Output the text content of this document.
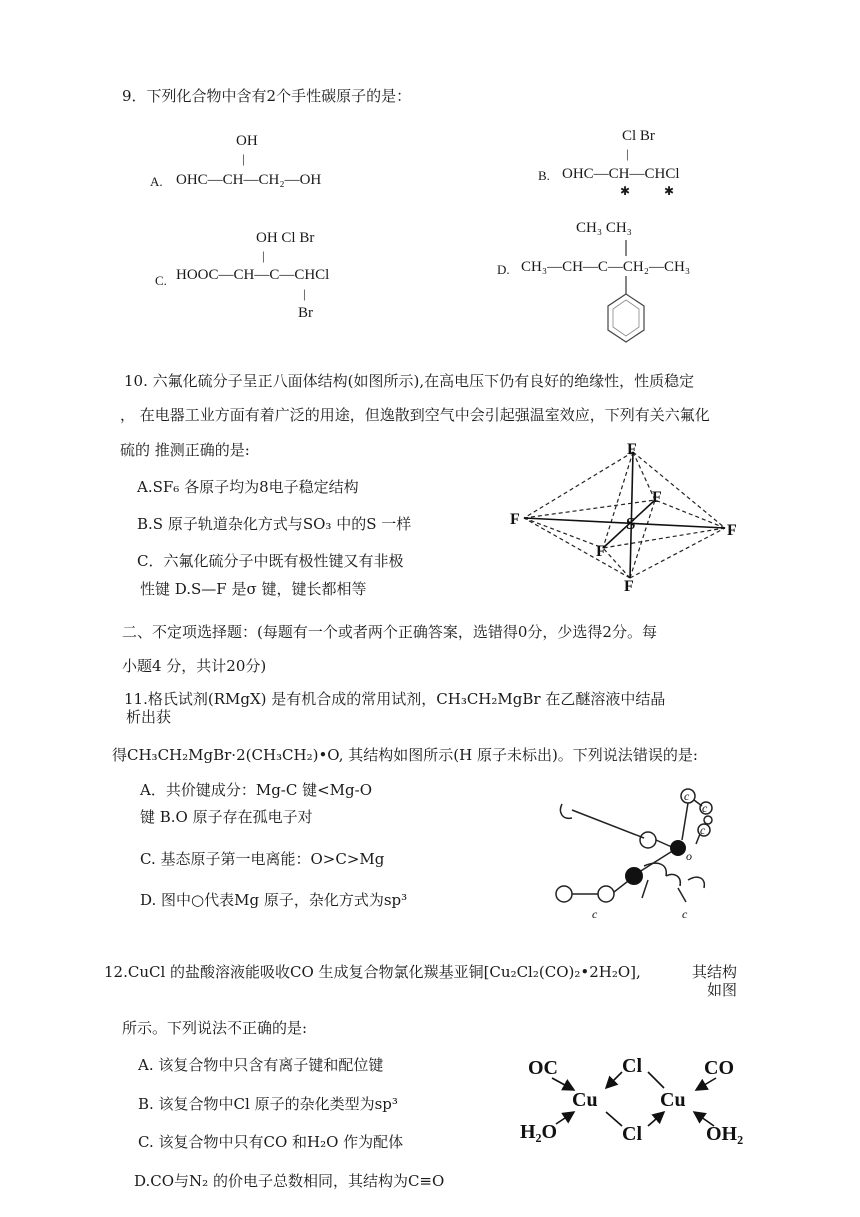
9．下列化合物中含有2个手性碳原子的是：
OH
|
A. OHC—CH—CH₂—OH
Cl Br
|
B. OHC—CH—CHCl
✱	✱
OH Cl Br
|
C. HOOC—CH—C—CHCl
|
Br
CH₃ CH₃
D. CH₃—CH—C—CH₂—CH₃
10. 六氟化硫分子呈正八面体结构(如图所示),在高电压下仍有良好的绝缘性，性质稳定
， 在电器工业方面有着广泛的用途，但逸散到空气中会引起强温室效应，下列有关六氟化
硫的 推测正确的是:
A.SF₆ 各原子均为8电子稳定结构
B.S 原子轨道杂化方式与SO₃ 中的S 一样
C．六氟化硫分子中既有极性键又有非极
性键 D.S—F 是σ 键，键长都相等
F
F
F
F
F
F
S
二、不定项选择题：(每题有一个或者两个正确答案，选错得0分，少选得2分。每
小题4 分，共计20分)
11.格氏试剂(RMgX) 是有机合成的常用试剂，CH₃CH₂MgBr 在乙醚溶液中结晶
析出获
得CH₃CH₂MgBr·2(CH₃CH₂)•O, 其结构如图所示(H 原子未标出)。下列说法错误的是:
A．共价键成分：Mg-C 键<Mg-O
键 B.O 原子存在孤电子对
C. 基态原子第一电离能：O>C>Mg
D. 图中○代表Mg 原子，杂化方式为sp³
c
c
c
o
c	c
12.CuCl 的盐酸溶液能吸收CO 生成复合物氯化羰基亚铜[Cu₂Cl₂(CO)₂•2H₂O],	其结构
如图
所示。下列说法不正确的是:
A. 该复合物中只含有离子键和配位键
B. 该复合物中Cl 原子的杂化类型为sp³
C. 该复合物中只有CO 和H₂O 作为配体
D.CO与N₂ 的价电子总数相同，其结构为C≡O
OC	Cl	CO
Cu	Cu
H₂O	Cl	OH₂
